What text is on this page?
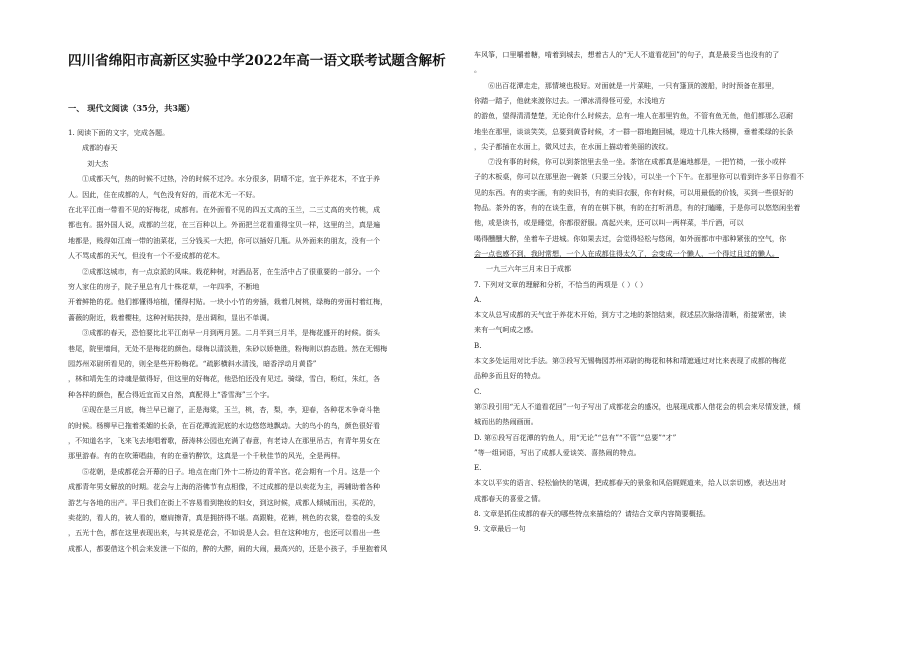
四川省绵阳市高新区实验中学2022年高一语文联考试题含解析
一、 现代文阅读（35分，共3题）
1. 阅读下面的文字，完成各题。
成都的春天
刘大杰
①成都天气，热的时候不过热，冷的时候不过冷。水分很多，阴晴不定，宜于养花木，不宜于养
人。因此，住在成都的人，气色没有好的，而花木无一不好。
在北平江南一带看不见的好梅花，成都有。在外面看不见的四五丈高的玉兰，二三丈高的夹竹桃，成
都也有。据外国人说，成都的兰花，在三百种以上。外面把兰花看重得宝贝一样，这里的兰，真是遍
地都是，贱得如江南一带的油菜花，三分钱买一大把，你可以插好几瓶。从外面来的朋友，没有一个
人不骂成都的天气，但没有一个不爱成都的花木。
②成都这城市，有一点京派的风味。栽花种树，对酒品茗，在生活中占了很重要的一部分。一个
穷人家住的房子，院子里总有几十株花草，一年四季，不断地
开着鲜艳的花。他们都懂得培植，懂得村贴。一块小小竹的旁插，栽着几树桃，绿梅的旁面村着红梅，
蔷薇的附近，栽着樱桂，这种衬贴扶持，是出调和，显出不单调。
③成都的春天，恐怕要比北平江南早一月到两月罢。二月半到三月半，是梅花盛开的时候。街头
巷尾，院里墙间，无处不是梅花的颜色。绿梅以清淡胜，朱砂以娇艳胜，粉梅则以韵态胜。然在无锡梅
园苏州邓尉所看见的，则全是些开粉梅花。“疏影横斜水清浅，暗香浮动月黄昏”
，林和靖先生的诗魂是做得好，但这里的好梅花，他恐怕还没有见过。骑绿，雪白，粉红，朱红，各
种各样的颜色，配合得近宜而又自然，真配得上“香雪海”三个字。
④现在是三月底，梅兰早已谢了，正是海棠，玉兰，桃，杏，梨，李，迎春，各种花木争奇斗艳
的时候。杨柳早已拖着柔媚的长条，在百花潭流泥底的水边悠悠地飘动。大的鸟小的鸟，颜色很好看
，不知道名字，飞来飞去地唱着歌，薛涛林公园也充满了春意，有老诗人在那里吊古，有青年男女在
那里游春。有的在吹箫唱曲，有的在垂钓醉饮，这真是一个千秋佳节的风光，全是两样。
⑤花朝，是成都花会开幕的日子。地点在南门外十二桥边的青羊宫。花会期有一个月。这是一个
成都青年男女解放的时期。花会与上海的浴佛节有点相像，不过成都的是以卖花为主，再辅助着各种
游艺与各地的出产。平日我们在街上不容易看到艳妆的妇女，到这时候，成都人倾城而出，买花的，
卖花的，看人的，被人看的，磨肩擦背，真是拥挤得不堪。高跟鞋，花裤，桃色的衣裳，卷卷的头发
，五光十色，都在这里表现出来，与其说是花会，不如说是人会。但在这种地方，也还可以看出一些
成都人，都要借这个机会来发泄一下似的，醉的大醉，闹的大闹，最高兴的，还是小孩子，手里抱着风
车风筝，口里嚼着糖，啃着到城去，想着古人的“无人不道看花回”的句子，真是最妥当也没有的了
。
⑥出百花潭走走，那情境也极好。对面就是一片菜畦，一只有篷顶的渡船，时时预备在那里，
你踏一踏子，他就来渡你过去。一潭冰清得怪可爱，水浅地方
的游鱼，望得清清楚楚，无论你什么时候去，总有一堆人在那里钓鱼，不管有鱼无鱼，他们都那么忍耐
地坐在那里，谈谈笑笑，总要到黄昏时候，才一群一群地跑回城，堤边十几株大杨柳，垂着柔绿的长条
，尖子都插在水面上，微风过去，在水面上描动着美丽的波纹。
⑦没有事的时候，你可以到茶馆里去坐一坐。茶馆在成都真是遍地都是，一把竹椅，一张小或样
子的木板桌，你可以在那里泡一碗茶（只要三分钱），可以坐一个下午。在那里你可以看到许多平日你看不
见的东西。有的卖字画，有的卖旧书，有的卖旧衣服，你有时候，可以用最低的价钱，买到一些很好的
物品。茶外的客，有的在谈生意，有的在棋下棋，有的在打听消息，有的打瞌睡，于是你可以悠悠闲坐着
他，或是读书，或是睡觉，你都很舒服。高起兴来，还可以叫一两样菜，半斤酒，可以
喝得醺醺大醉，坐着车子进城。你如果去过，会觉得轻松与悠闲，如外面都市中那种紧张的空气，你
会一点也感不到，我时常想，一个人在成都住得太久了，会变成一个懒人，一个得过且过的懒人。
一九三六年三月末日于成都
7. 下列对文章的理解和分析，不恰当的两项是（ ）（ ）
A.
本文从总写成都的天气宜于养花木开始，到方寸之地的茶馆结束，叙述层次脉络清晰，衔接紧密，读
来有一气呵成之感。
B.
本文多处运用对比手法。第③段写无锡梅园苏州邓尉的梅花和林和靖遮通过对比来表现了成都的梅花
品种多而且好的特点。
C.
第⑤段引用“无人不道看花回”一句子写出了成都花会的盛况，也展现成都人借花会的机会来尽情发泄，倾
城而出的热闹画面。
D. 第⑥段写百花潭的钓鱼人，用“无论”“总有”“不管”“总要”“才”
”等一组词语，写出了成都人爱谈笑、喜热闹的特点。
E.
本文以平实的语言、轻松愉快的笔调，把成都春天的景象和风俗娓娓道来，给人以亲切感，表达出对
成都春天的喜爱之情。
8. 文章是抓住成都的春天的哪些特点来描绘的？请结合文章内容简要概括。
9. 文章最后一句
